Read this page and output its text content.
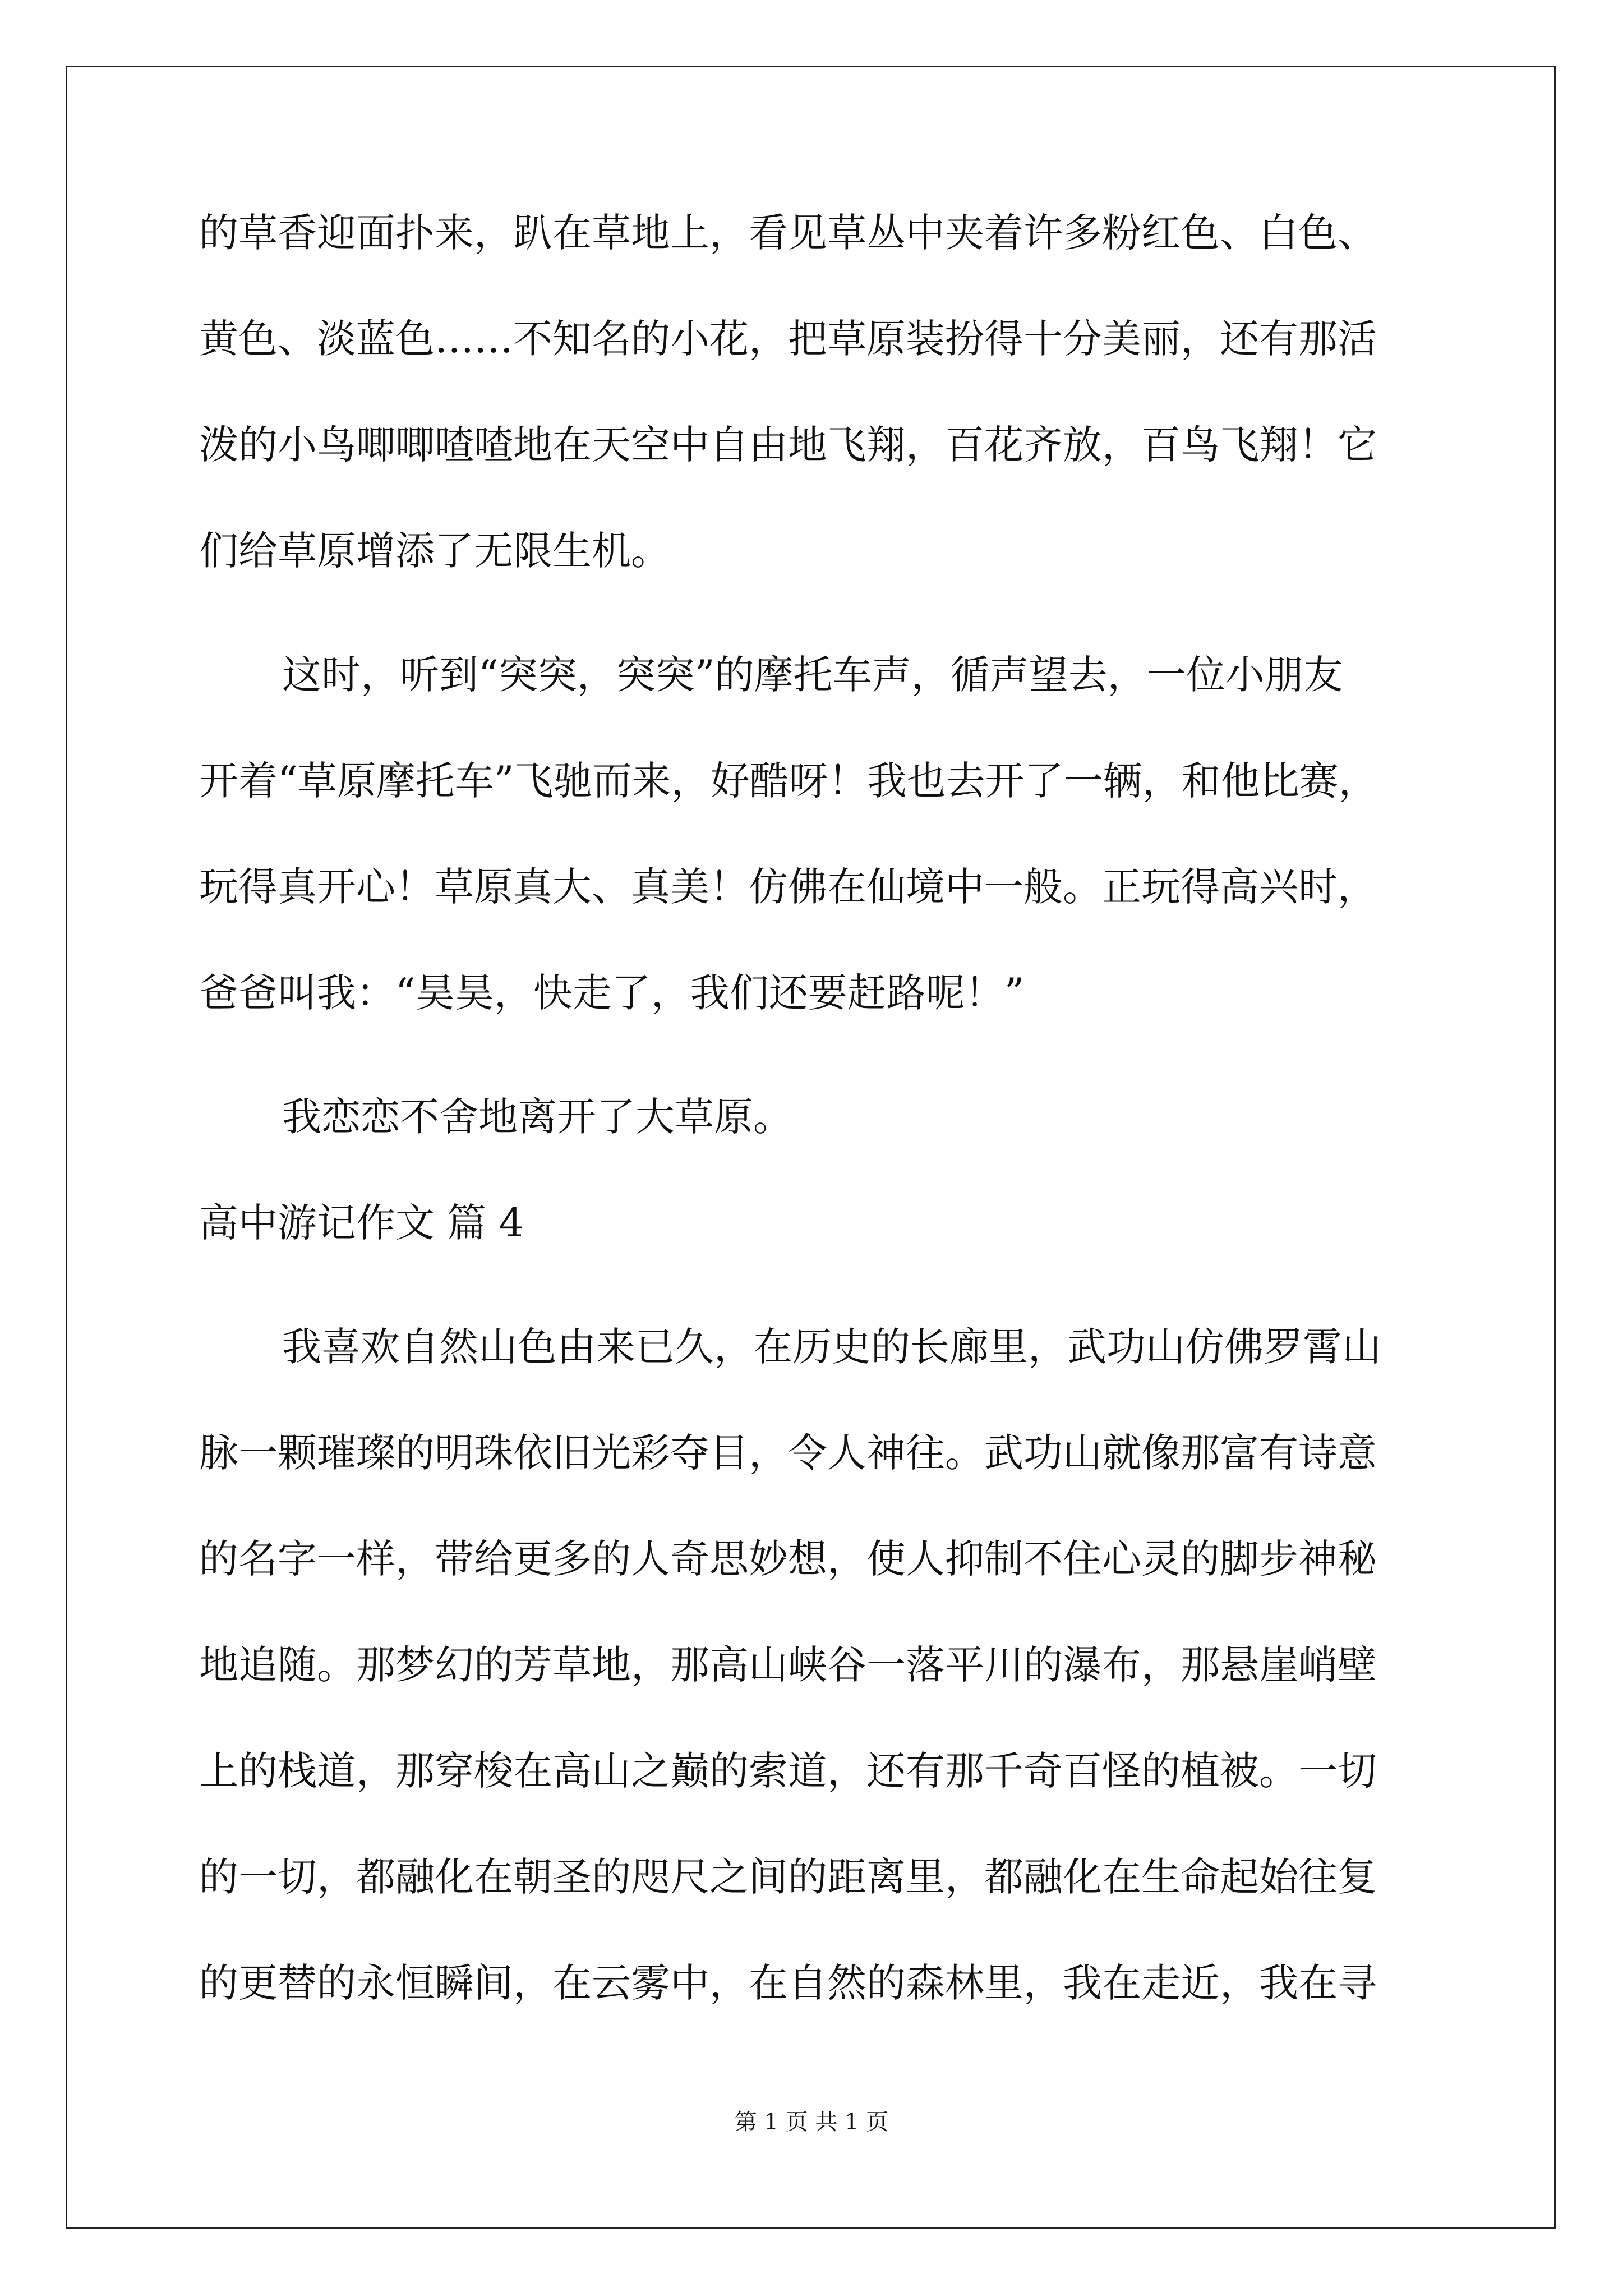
的草香迎面扑来，趴在草地上，看见草丛中夹着许多粉红色、白色、
黄色、淡蓝色……不知名的小花，把草原装扮得十分美丽，还有那活
泼的小鸟唧唧喳喳地在天空中自由地飞翔，百花齐放，百鸟飞翔！它
们给草原增添了无限生机。
这时，听到“突突，突突”的摩托车声，循声望去，一位小朋友
开着“草原摩托车”飞驰而来，好酷呀！我也去开了一辆，和他比赛，
玩得真开心！草原真大、真美！仿佛在仙境中一般。正玩得高兴时，
爸爸叫我：“昊昊，快走了，我们还要赶路呢！”
我恋恋不舍地离开了大草原。
高中游记作文 篇 4
我喜欢自然山色由来已久，在历史的长廊里，武功山仿佛罗霄山
脉一颗璀璨的明珠依旧光彩夺目，令人神往。武功山就像那富有诗意
的名字一样，带给更多的人奇思妙想，使人抑制不住心灵的脚步神秘
地追随。那梦幻的芳草地，那高山峡谷一落平川的瀑布，那悬崖峭壁
上的栈道，那穿梭在高山之巅的索道，还有那千奇百怪的植被。一切
的一切，都融化在朝圣的咫尺之间的距离里，都融化在生命起始往复
的更替的永恒瞬间，在云雾中，在自然的森林里，我在走近，我在寻
第 1 页 共 1 页
